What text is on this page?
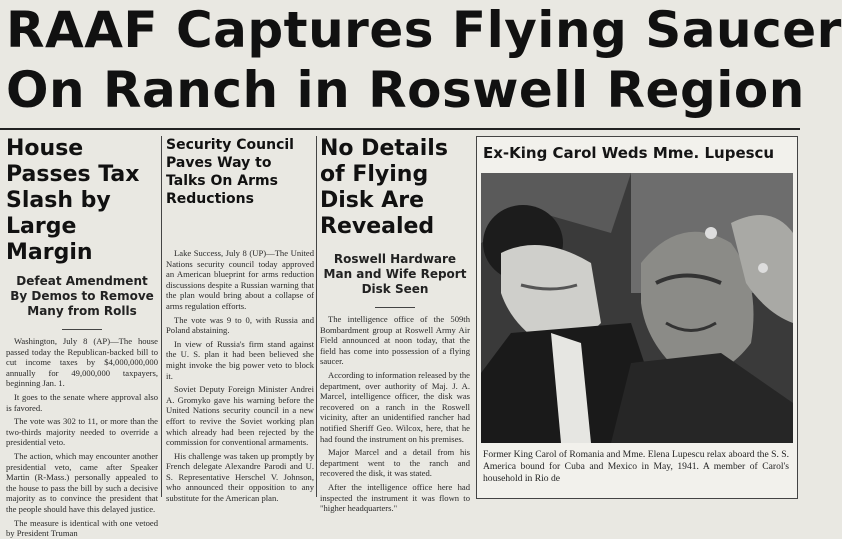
RAAF Captures Flying Saucer
On Ranch in Roswell Region
House Passes Tax Slash by Large Margin
Defeat Amendment By Demos to Remove Many from Rolls

Washington, July 8 (AP)—The house passed today the Republican-backed bill to cut income taxes by $4,000,000,000 annually for 49,000,000 taxpayers, beginning Jan. 1.

It goes to the senate where approval also is favored.

The vote was 302 to 11, or more than the two-thirds majority needed to override a presidential veto.

The action, which may encounter another presidential veto, came after Speaker Martin (R-Mass.) personally appealed to the house to pass the bill by such a decisive majority as to convince the president that the people should have this delayed justice.

The measure is identical with one vetoed by President Truman

Security Council Paves Way to Talks On Arms Reductions

Lake Success, July 8 (UP)—The United Nations security council today approved an American blueprint for arms reduction discussions despite a Russian warning that the plan would bring about a collapse of arms regulation efforts.

The vote was 9 to 0, with Russia and Poland abstaining.

In view of Russia's firm stand against the U. S. plan it had been believed she might invoke the big power veto to block it.

Soviet Deputy Foreign Minister Andrei A. Gromyko gave his warning before the United Nations security council in a new effort to revive the Soviet working plan which already had been rejected by the commission for conventional armaments.

His challenge was taken up promptly by French delegate Alexandre Parodi and U. S. Representative Herschel V. Johnson, who announced their opposition to any substitute for the American plan.

No Details of Flying Disk Are Revealed
Roswell Hardware Man and Wife Report Disk Seen

The intelligence office of the 509th Bombardment group at Roswell Army Air Field announced at noon today, that the field has come into possession of a flying saucer.

According to information released by the department, over authority of Maj. J. A. Marcel, intelligence officer, the disk was recovered on a ranch in the Roswell vicinity, after an unidentified rancher had notified Sheriff Geo. Wilcox, here, that he had found the instrument on his premises.

Major Marcel and a detail from his department went to the ranch and recovered the disk, it was stated.

After the intelligence office here had inspected the instrument it was flown to "higher headquarters."

Ex-King Carol Weds Mme. Lupescu
Former King Carol of Romania and Mme. Elena Lupescu relax aboard the S. S. America bound for Cuba and Mexico in May, 1941. A member of Carol's household in Rio de
